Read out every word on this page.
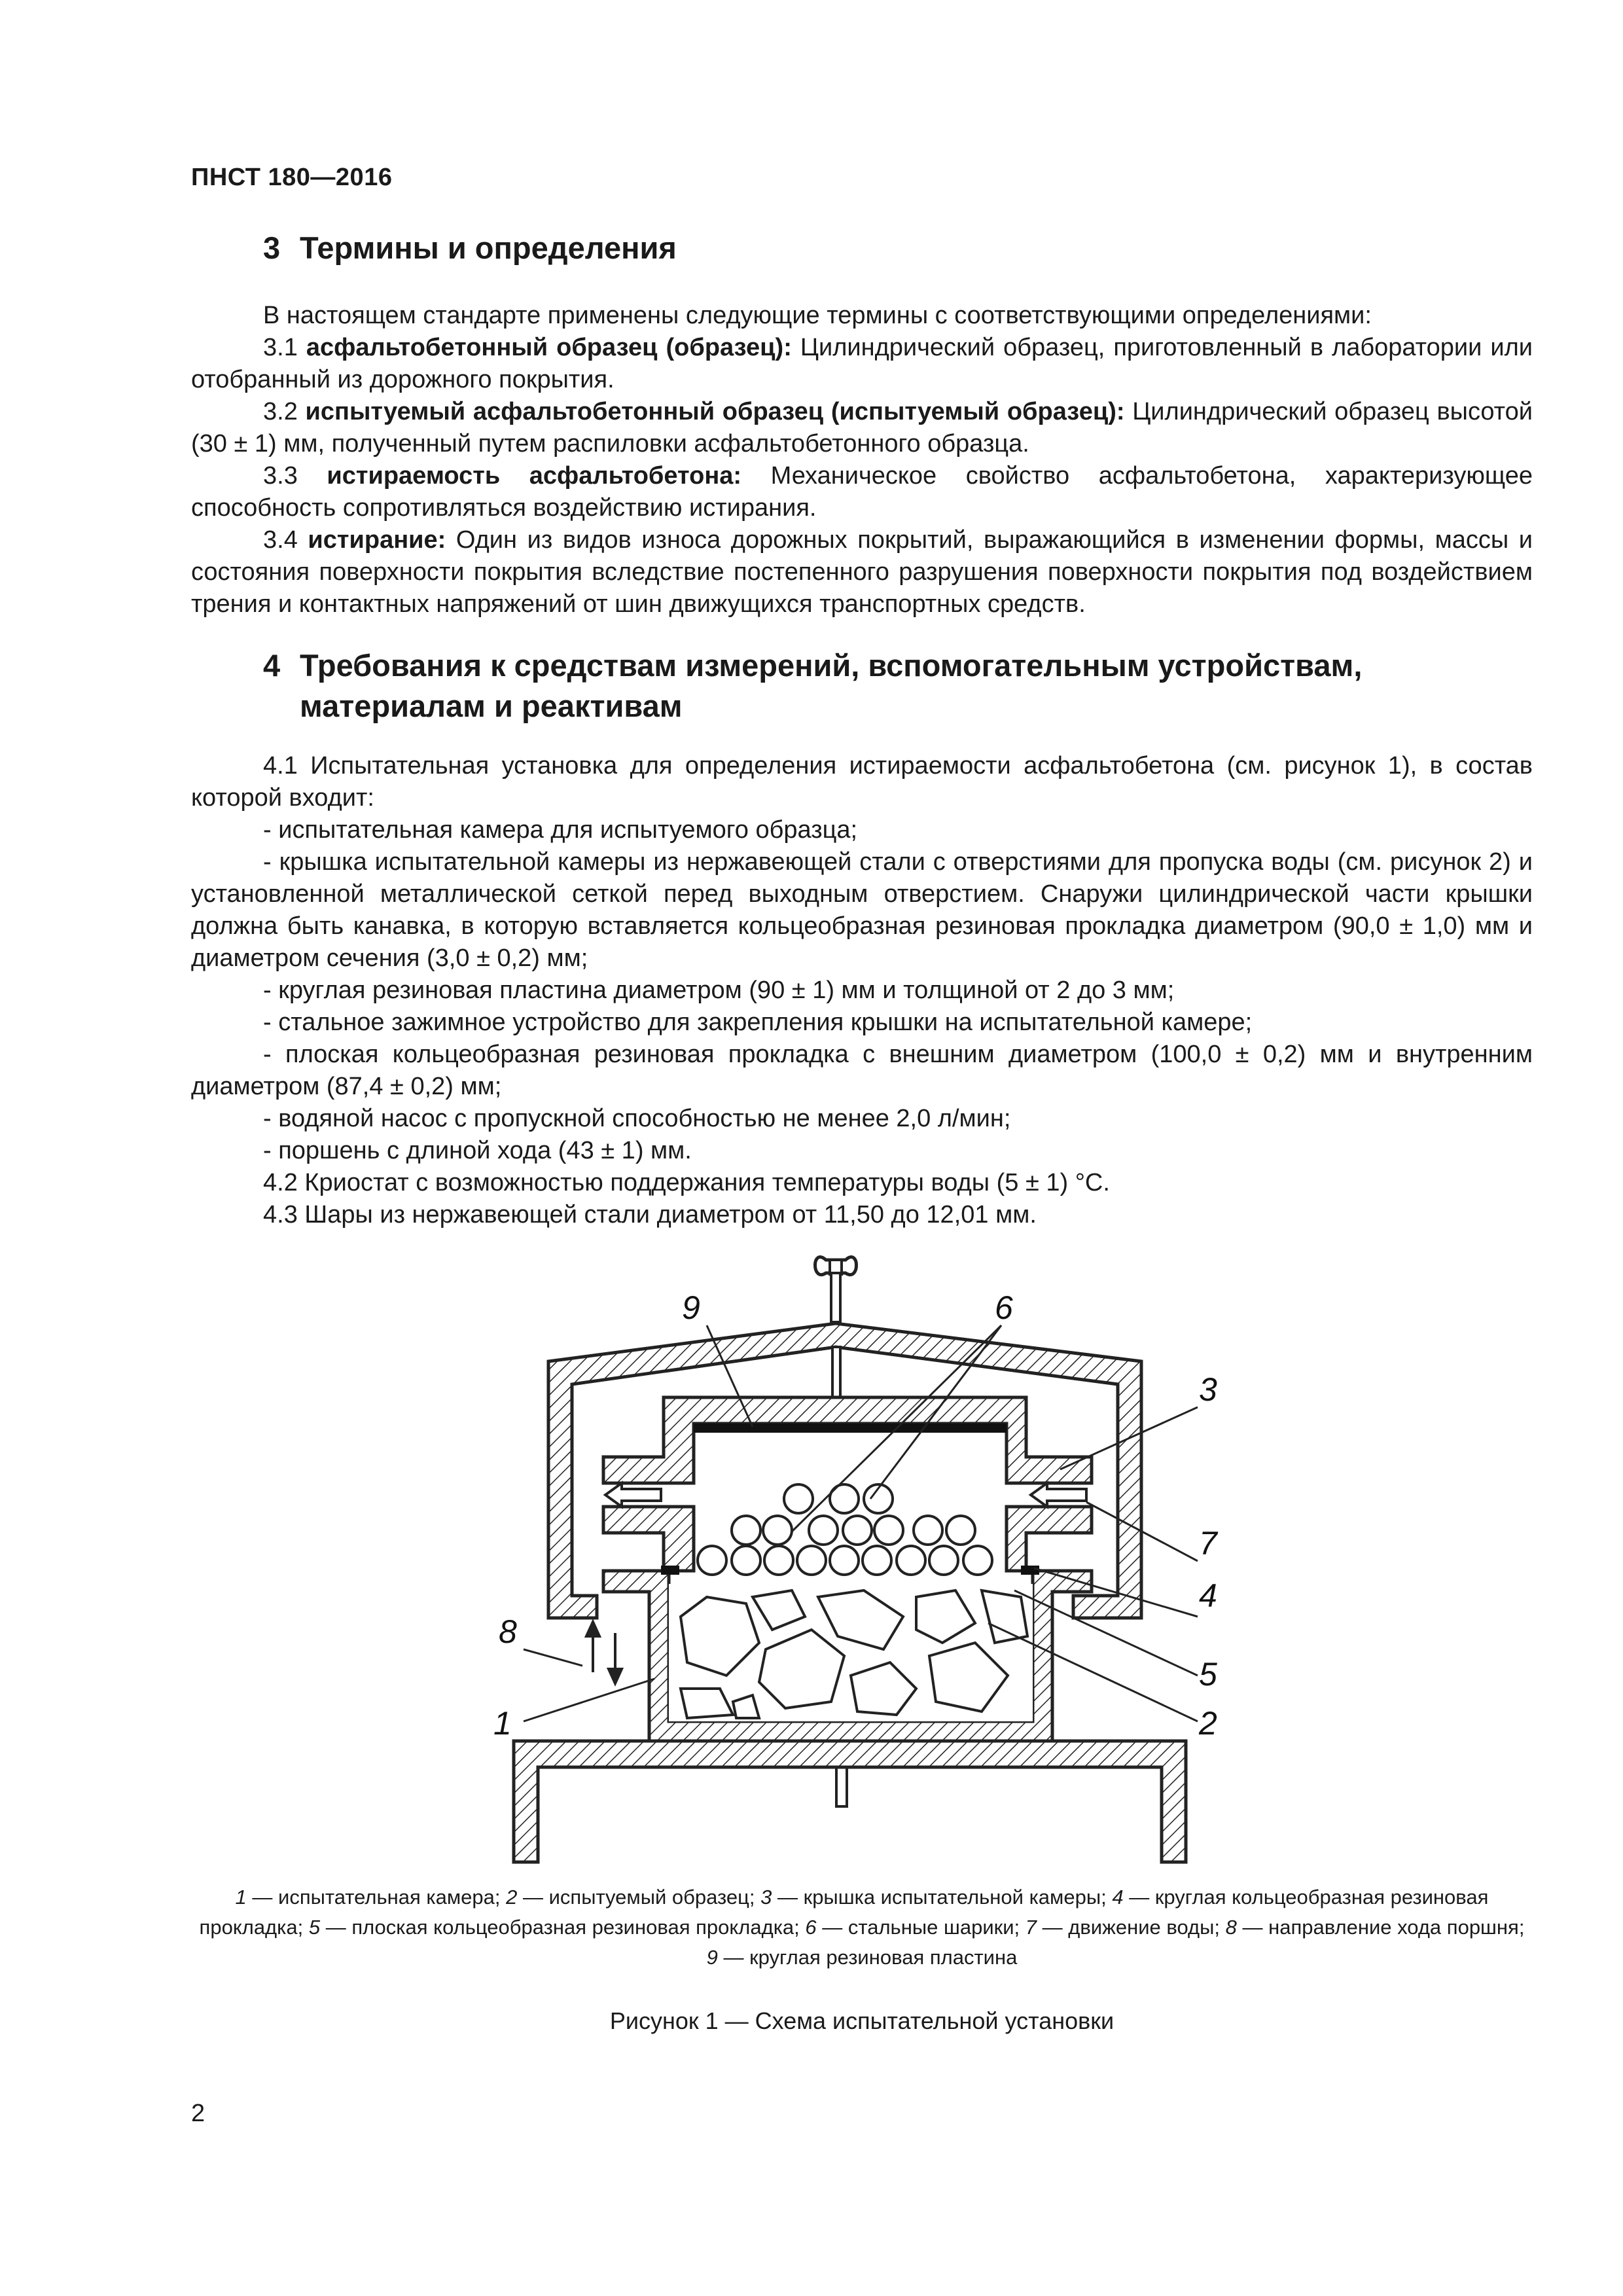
ПНСТ 180—2016
3 Термины и определения

В настоящем стандарте применены следующие термины с соответствующими определениями:

3.1 асфальтобетонный образец (образец): Цилиндрический образец, приготовленный в лаборатории или отобранный из дорожного покрытия.

3.2 испытуемый асфальтобетонный образец (испытуемый образец): Цилиндрический образец высотой (30 ± 1) мм, полученный путем распиловки асфальтобетонного образца.

3.3 истираемость асфальтобетона: Механическое свойство асфальтобетона, характеризующее способность сопротивляться воздействию истирания.

3.4 истирание: Один из видов износа дорожных покрытий, выражающийся в изменении формы, массы и состояния поверхности покрытия вследствие постепенного разрушения поверхности покрытия под воздействием трения и контактных напряжений от шин движущихся транспортных средств.

4 Требования к средствам измерений, вспомогательным устройствам,
материалам и реактивам

4.1 Испытательная установка для определения истираемости асфальтобетона (см. рисунок 1), в состав которой входит:

- испытательная камера для испытуемого образца;

- крышка испытательной камеры из нержавеющей стали с отверстиями для пропуска воды (см. рисунок 2) и установленной металлической сеткой перед выходным отверстием. Снаружи цилиндрической части крышки должна быть канавка, в которую вставляется кольцеобразная резиновая прокладка диаметром (90,0 ± 1,0) мм и диаметром сечения (3,0 ± 0,2) мм;

- круглая резиновая пластина диаметром (90 ± 1) мм и толщиной от 2 до 3 мм;

- стальное зажимное устройство для закрепления крышки на испытательной камере;

- плоская кольцеобразная резиновая прокладка с внешним диаметром (100,0 ± 0,2) мм и внутренним диаметром (87,4 ± 0,2) мм;

- водяной насос с пропускной способностью не менее 2,0 л/мин;

- поршень с длиной хода (43 ± 1) мм.

4.2 Криостат с возможностью поддержания температуры воды (5 ± 1) °С.

4.3 Шары из нержавеющей стали диаметром от 11,50 до 12,01 мм.

1	2
3
4
5
6
7
8
9
1 — испытательная камера; 2 — испытуемый образец; 3 — крышка испытательной камеры; 4 — круглая кольцеобразная резиновая прокладка; 5 — плоская кольцеобразная резиновая прокладка; 6 — стальные шарики; 7 — движение воды; 8 — направление хода поршня; 9 — круглая резиновая пластина
Рисунок 1 — Схема испытательной установки
2
